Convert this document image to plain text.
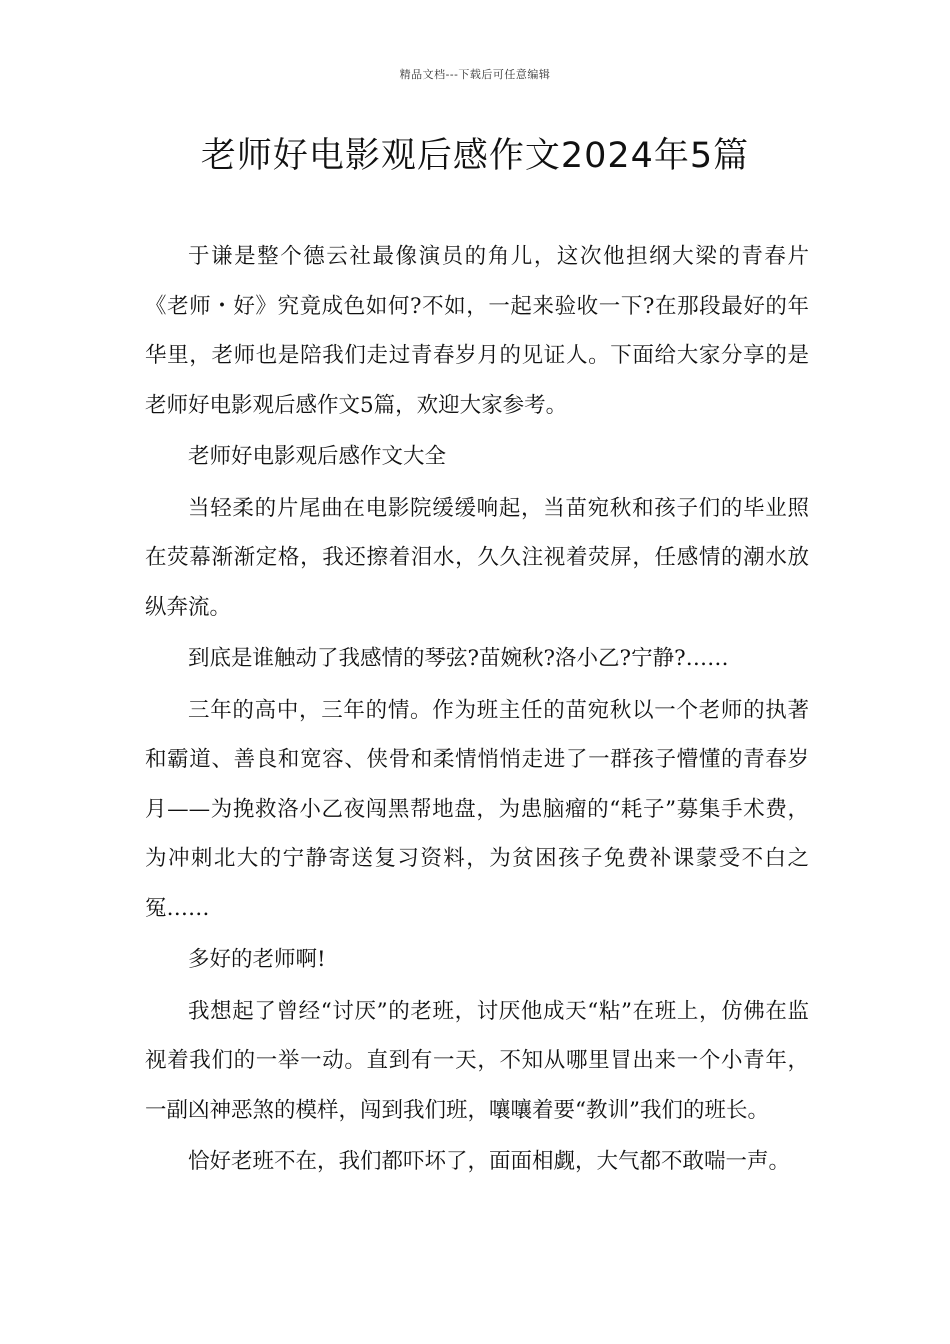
精品文档---下载后可任意编辑
老师好电影观后感作文2024年5篇

于谦是整个德云社最像演员的角儿，这次他担纲大梁的青春片《老师・好》究竟成色如何?不如，一起来验收一下?在那段最好的年华里，老师也是陪我们走过青春岁月的见证人。下面给大家分享的是老师好电影观后感作文5篇，欢迎大家参考。

老师好电影观后感作文大全

当轻柔的片尾曲在电影院缓缓响起，当苗宛秋和孩子们的毕业照在荧幕渐渐定格，我还擦着泪水，久久注视着荧屏，任感情的潮水放纵奔流。

到底是谁触动了我感情的琴弦?苗婉秋?洛小乙?宁静?……

三年的高中，三年的情。作为班主任的苗宛秋以一个老师的执著和霸道、善良和宽容、侠骨和柔情悄悄走进了一群孩子懵懂的青春岁月——为挽救洛小乙夜闯黑帮地盘，为患脑瘤的“耗子”募集手术费，为冲刺北大的宁静寄送复习资料，为贫困孩子免费补课蒙受不白之冤……

多好的老师啊!

我想起了曾经“讨厌”的老班，讨厌他成天“粘”在班上，仿佛在监视着我们的一举一动。直到有一天，不知从哪里冒出来一个小青年，一副凶神恶煞的模样，闯到我们班，嚷嚷着要“教训”我们的班长。

恰好老班不在，我们都吓坏了，面面相觑，大气都不敢喘一声。
